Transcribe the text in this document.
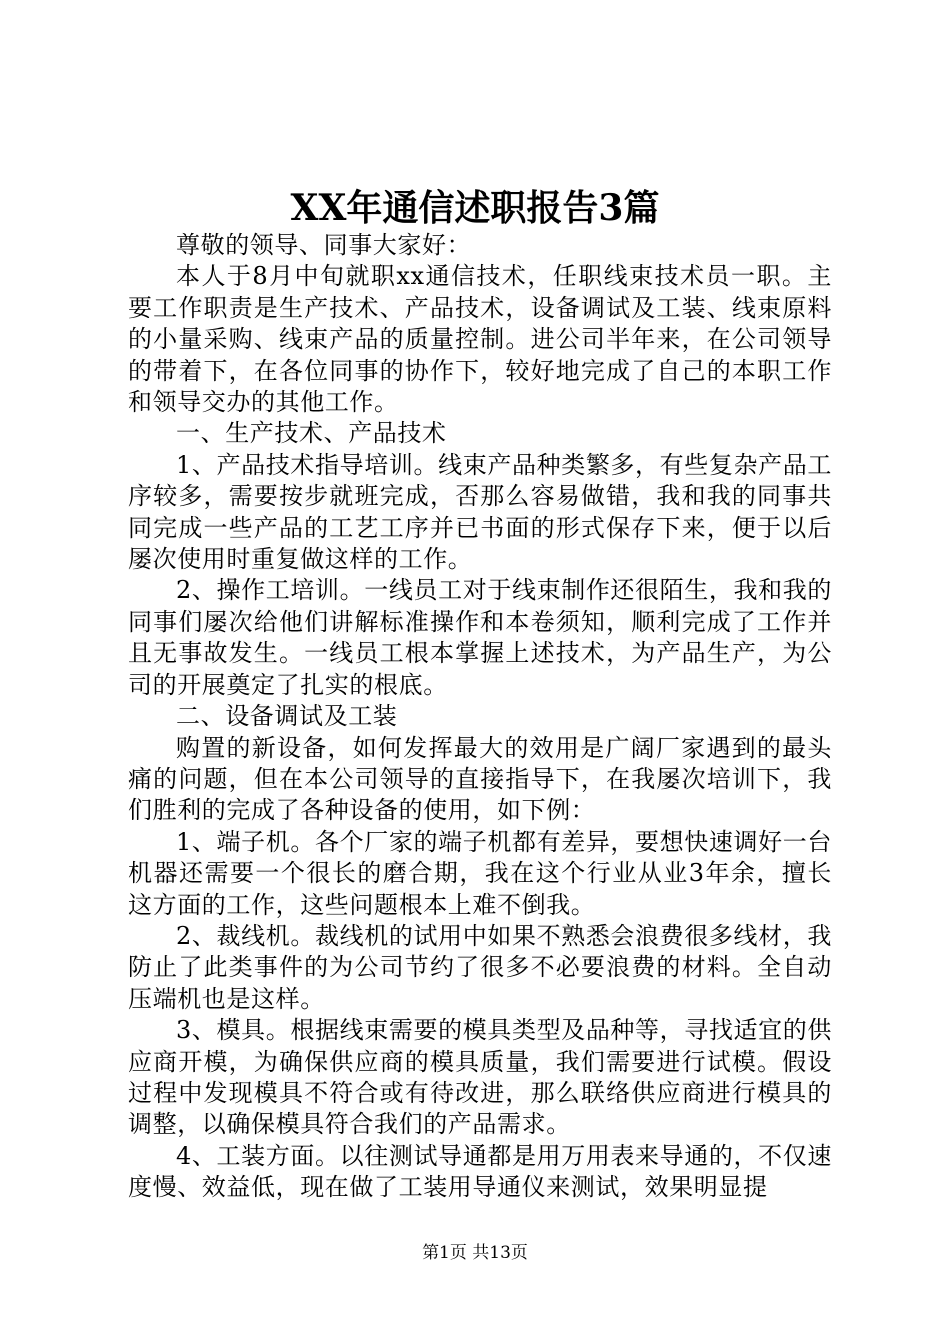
XX年通信述职报告3篇

尊敬的领导、同事大家好：

本人于8月中旬就职xx通信技术，任职线束技术员一职。主要工作职责是生产技术、产品技术，设备调试及工装、线束原料的小量采购、线束产品的质量控制。进公司半年来，在公司领导的带着下，在各位同事的协作下，较好地完成了自己的本职工作和领导交办的其他工作。

一、生产技术、产品技术

1、产品技术指导培训。线束产品种类繁多，有些复杂产品工序较多，需要按步就班完成，否那么容易做错，我和我的同事共同完成一些产品的工艺工序并已书面的形式保存下来，便于以后屡次使用时重复做这样的工作。

2、操作工培训。一线员工对于线束制作还很陌生，我和我的同事们屡次给他们讲解标准操作和本卷须知，顺利完成了工作并且无事故发生。一线员工根本掌握上述技术，为产品生产，为公司的开展奠定了扎实的根底。

二、设备调试及工装

购置的新设备，如何发挥最大的效用是广阔厂家遇到的最头痛的问题，但在本公司领导的直接指导下，在我屡次培训下，我们胜利的完成了各种设备的使用，如下例：

1、端子机。各个厂家的端子机都有差异，要想快速调好一台机器还需要一个很长的磨合期，我在这个行业从业3年余，擅长这方面的工作，这些问题根本上难不倒我。

2、裁线机。裁线机的试用中如果不熟悉会浪费很多线材，我防止了此类事件的为公司节约了很多不必要浪费的材料。全自动压端机也是这样。

3、模具。根据线束需要的模具类型及品种等，寻找适宜的供应商开模，为确保供应商的模具质量，我们需要进行试模。假设过程中发现模具不符合或有待改进，那么联络供应商进行模具的调整，以确保模具符合我们的产品需求。

4、工装方面。以往测试导通都是用万用表来导通的，不仅速度慢、效益低，现在做了工装用导通仪来测试，效果明显提

第1页 共13页
